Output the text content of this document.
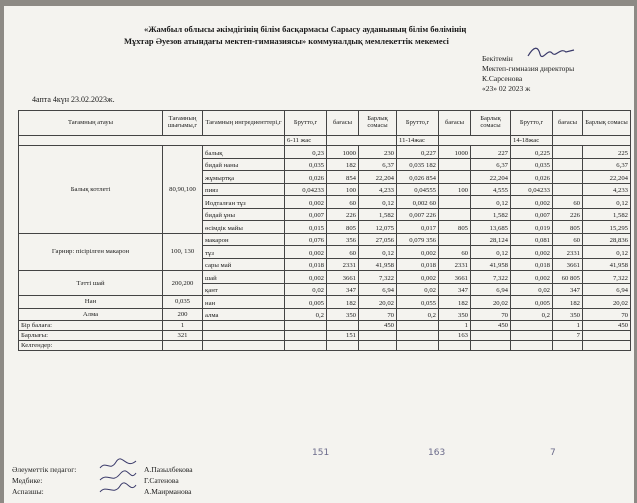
«Жамбыл облысы әкімдігінің білім басқармасы Сарысу ауданының білім бөлімінің
Мұхтар Әуезов атындағы мектеп-гимназиясы» коммуналдық мемлекеттік мекемесі
Бекітемін
Мектеп-гимназия директоры
К.Сарсенова
«23» 02 2023 ж
4апта 4күн 23.02.2023ж.
Тағамның атауы	Тағамның шығымы,г	Тағамның ингредиенттері,г	Брутто,г	бағасы	Барлық сомасы	Брутто,г	бағасы	Барлық сомасы	Брутто,г	бағасы	Барлық сомасы
			6-11 жас			11-14жас			14-18жас		
Балық котлеті	80,90,100	балық	0,23	1000	230	0,227	1000	227	0,225		225
		бидай наны	0,035	182	6,37	0,035 182		6,37	0,035		6,37
		жұмыртқа	0,026	854	22,204	0,026 854		22,204	0,026		22,204
		пияз	0,04233	100	4,233	0,04555	100	4,555	0,04233		4,233
		Иодталған тұз	0,002	60	0,12	0,002 60		0,12	0,002	60	0,12
		бидай ұны	0,007	226	1,582	0,007 226		1,582	0,007	226	1,582
		өсімдік майы	0,015	805	12,075	0,017	805	13,685	0,019	805	15,295
Гарнир: пісірілген макарон	100, 130	макарон	0,076	356	27,056	0,079 356		28,124	0,081	60	28,836
		тұз	0,002	60	0,12	0,002	60	0,12	0,002	2331	0,12
		сары май	0,018	2331	41,958	0,018	2331	41,958	0,018	3661	41,958
Тәтті шай	200,200	шай	0,002	3661	7,322	0,002	3661	7,322	0,002	60 805	7,322
		қант	0,02	347	6,94	0,02	347	6,94	0,02	347	6,94
Нан	0,035	нан	0,005	182	20,02	0,055	182	20,02	0,005	182	20,02
Алма	200	алма	0,2	350	70	0,2	350	70	0,2	350	70
Бір балаға:	1				450		1	450		1	450
Барлығы:	321			151			163			7	
Келгендер:											
Әлеуметтік педагог:
Медбике:
Аспазшы:
А.Пазылбекова
Г.Сатенова
А.Маирманова
151	163	7
